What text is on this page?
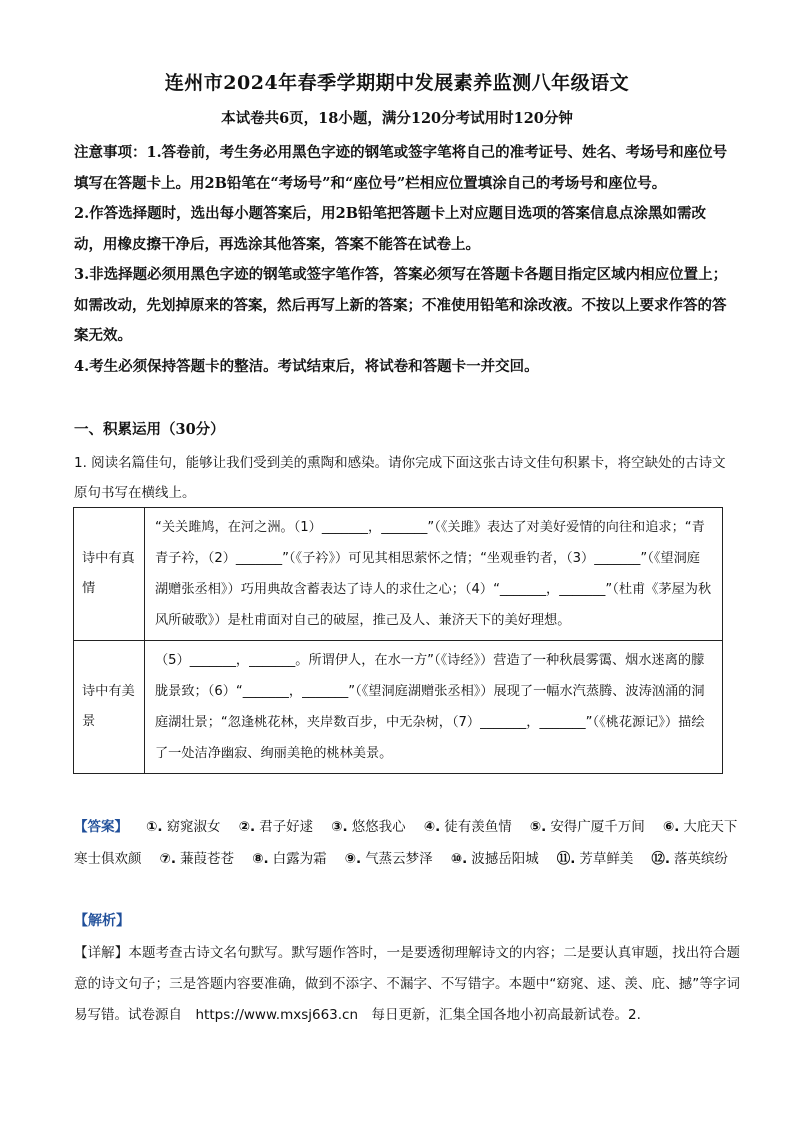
连州市2024年春季学期期中发展素养监测八年级语文
本试卷共6页，18小题，满分120分考试用时120分钟

注意事项：1.答卷前，考生务必用黑色字迹的钢笔或签字笔将自己的准考证号、姓名、考场号和座位号填写在答题卡上。用2B铅笔在“考场号”和“座位号”栏相应位置填涂自己的考场号和座位号。

2.作答选择题时，选出每小题答案后，用2B铅笔把答题卡上对应题目选项的答案信息点涂黑如需改动，用橡皮擦干净后，再选涂其他答案，答案不能答在试卷上。

3.非选择题必须用黑色字迹的钢笔或签字笔作答，答案必须写在答题卡各题目指定区域内相应位置上；如需改动，先划掉原来的答案，然后再写上新的答案；不准使用铅笔和涂改液。不按以上要求作答的答案无效。

4.考生必须保持答题卡的整洁。考试结束后，将试卷和答题卡一并交回。

一、积累运用（30分）
1. 阅读名篇佳句，能够让我们受到美的熏陶和感染。请你完成下面这张古诗文佳句积累卡，将空缺处的古诗文原句书写在横线上。
诗中有真情	“关关雎鸠，在河之洲。（1）_______，_______”（《关雎》表达了对美好爱情的向往和追求；“青青子衿，（2）_______”（《子衿》）可见其相思萦怀之情；“坐观垂钓者，（3）_______”（《望洞庭湖赠张丞相》）巧用典故含蓄表达了诗人的求仕之心；（4）“_______，_______”（杜甫《茅屋为秋风所破歌》）是杜甫面对自己的破屋，推己及人、兼济天下的美好理想。
诗中有美景	（5）_______，_______。所谓伊人，在水一方”（《诗经》）营造了一种秋晨雾霭、烟水迷离的朦胧景致；（6）“_______，_______”（《望洞庭湖赠张丞相》）展现了一幅水汽蒸腾、波涛汹涌的洞庭湖壮景；“忽逢桃花林，夹岸数百步，中无杂树，（7）_______，_______”（《桃花源记》）描绘了一处洁净幽寂、绚丽美艳的桃林美景。
【答案】 ①. 窈窕淑女 ②. 君子好逑 ③. 悠悠我心 ④. 徒有羡鱼情 ⑤. 安得广厦千万间 ⑥. 大庇天下寒士俱欢颜 ⑦. 蒹葭苍苍 ⑧. 白露为霜 ⑨. 气蒸云梦泽 ⑩. 波撼岳阳城 ⑪. 芳草鲜美 ⑫. 落英缤纷
【解析】
【详解】本题考查古诗文名句默写。默写题作答时，一是要透彻理解诗文的内容；二是要认真审题，找出符合题意的诗文句子；三是答题内容要准确，做到不添字、不漏字、不写错字。本题中“窈窕、逑、羡、庇、撼”等字词易写错。试卷源自　https://www.mxsj663.cn　每日更新，汇集全国各地小初高最新试卷。2.
